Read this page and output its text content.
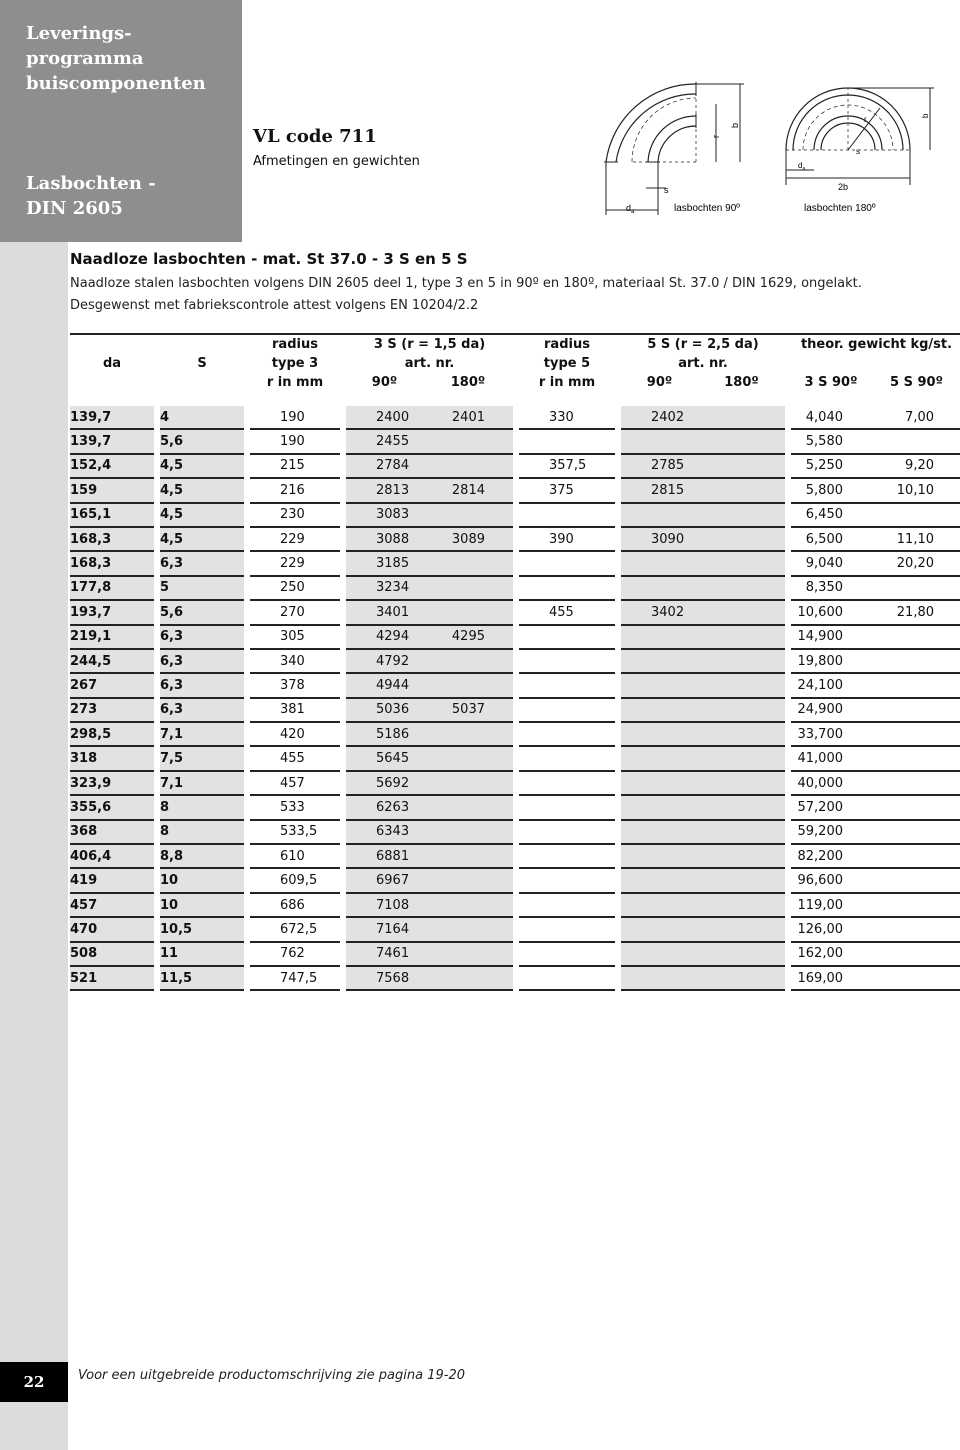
Leverings-
programma
buiscomponenten
Lasbochten -
DIN 2605
VL code 711
Afmetingen en gewichten
r
b
s
$d_a$	lasbochten 90º
2b
$d_a$
b
r
s
lasbochten 180º
Naadloze lasbochten - mat. St 37.0 - 3 S en 5 S
Naadloze stalen lasbochten volgens DIN 2605 deel 1, type 3 en 5 in 90º en 180º, materiaal St. 37.0 / DIN 1629, ongelakt.
Desgewenst met fabriekscontrole attest volgens EN 10204/2.2
				radius		3 S (r = 1,5 da)			radius		5 S (r = 2,5 da)			theor. gewicht kg/st.	
da		S		type 3		art. nr.			type 5		art. nr.				
				r in mm		90º	180º		r in mm		90º	180º		3 S 90º	5 S 90º

139,7		4		190		2400	2401		330		2402			4,040	7,00
139,7		5,6		190		2455								5,580	
152,4		4,5		215		2784			357,5		2785			5,250	9,20
159		4,5		216		2813	2814		375		2815			5,800	10,10
165,1		4,5		230		3083								6,450	
168,3		4,5		229		3088	3089		390		3090			6,500	11,10
168,3		6,3		229		3185								9,040	20,20
177,8		5		250		3234								8,350	
193,7		5,6		270		3401			455		3402			10,600	21,80
219,1		6,3		305		4294	4295							14,900	
244,5		6,3		340		4792								19,800	
267		6,3		378		4944								24,100	
273		6,3		381		5036	5037							24,900	
298,5		7,1		420		5186								33,700	
318		7,5		455		5645								41,000	
323,9		7,1		457		5692								40,000	
355,6		8		533		6263								57,200	
368		8		533,5		6343								59,200	
406,4		8,8		610		6881								82,200	
419		10		609,5		6967								96,600	
457		10		686		7108								119,00	
470		10,5		672,5		7164								126,00	
508		11		762		7461								162,00	
521		11,5		747,5		7568								169,00	
22	Voor een uitgebreide productomschrijving zie pagina 19-20
